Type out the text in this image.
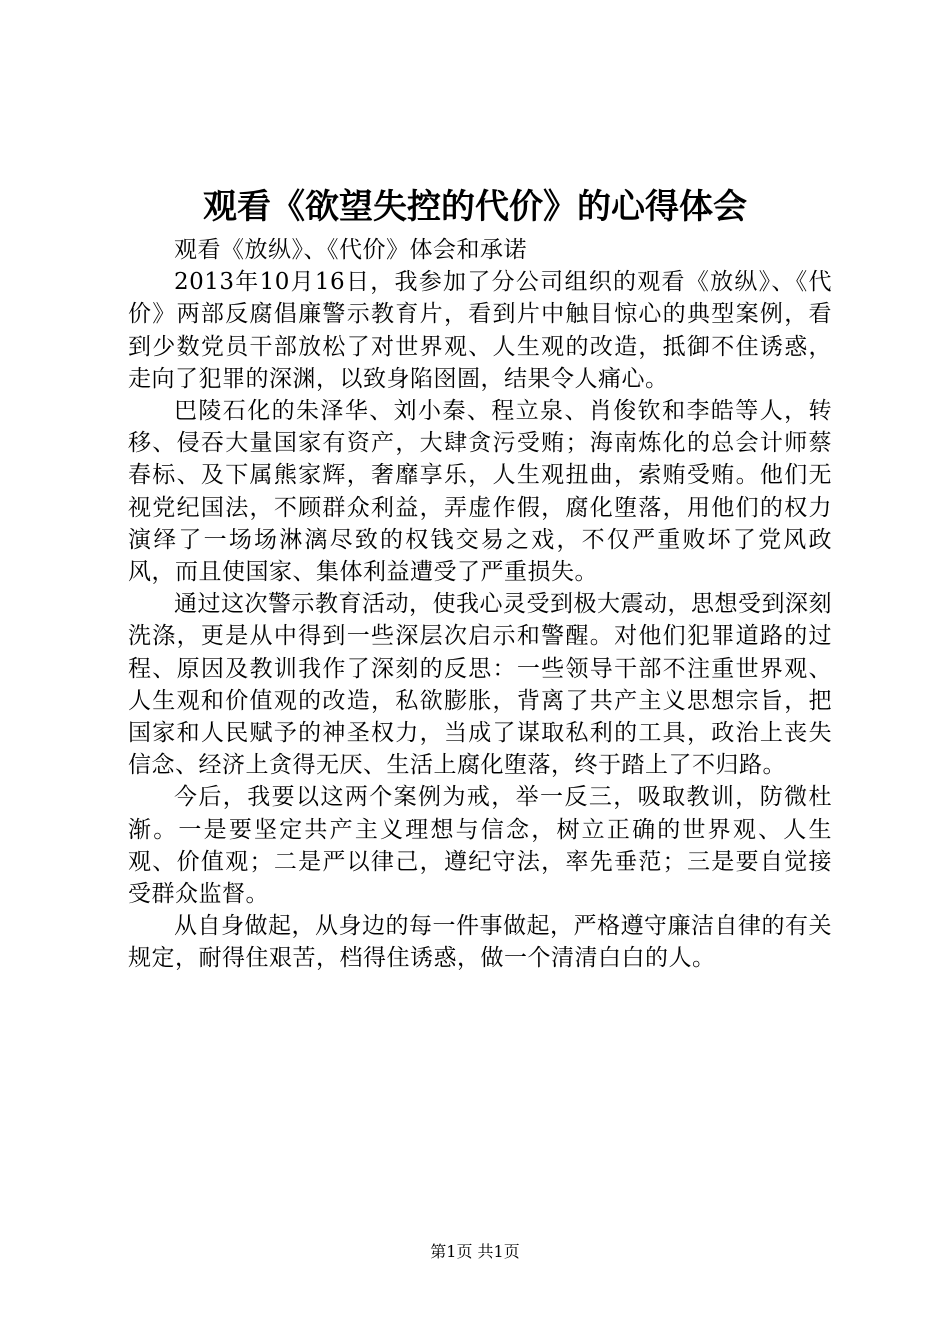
观看《欲望失控的代价》的心得体会

观看《放纵》、《代价》体会和承诺

2013年10月16日，我参加了分公司组织的观看《放纵》、《代价》两部反腐倡廉警示教育片，看到片中触目惊心的典型案例，看到少数党员干部放松了对世界观、人生观的改造，抵御不住诱惑，走向了犯罪的深渊，以致身陷囹圄，结果令人痛心。

巴陵石化的朱泽华、刘小秦、程立泉、肖俊钦和李皓等人，转移、侵吞大量国家有资产，大肆贪污受贿；海南炼化的总会计师蔡春标、及下属熊家辉，奢靡享乐，人生观扭曲，索贿受贿。他们无视党纪国法，不顾群众利益，弄虚作假，腐化堕落，用他们的权力演绎了一场场淋漓尽致的权钱交易之戏，不仅严重败坏了党风政风，而且使国家、集体利益遭受了严重损失。

通过这次警示教育活动，使我心灵受到极大震动，思想受到深刻洗涤，更是从中得到一些深层次启示和警醒。对他们犯罪道路的过程、原因及教训我作了深刻的反思：一些领导干部不注重世界观、人生观和价值观的改造，私欲膨胀，背离了共产主义思想宗旨，把国家和人民赋予的神圣权力，当成了谋取私利的工具，政治上丧失信念、经济上贪得无厌、生活上腐化堕落，终于踏上了不归路。

今后，我要以这两个案例为戒，举一反三，吸取教训，防微杜渐。一是要坚定共产主义理想与信念，树立正确的世界观、人生观、价值观；二是严以律己，遵纪守法，率先垂范；三是要自觉接受群众监督。

从自身做起，从身边的每一件事做起，严格遵守廉洁自律的有关规定，耐得住艰苦，档得住诱惑，做一个清清白白的人。

第1页 共1页
